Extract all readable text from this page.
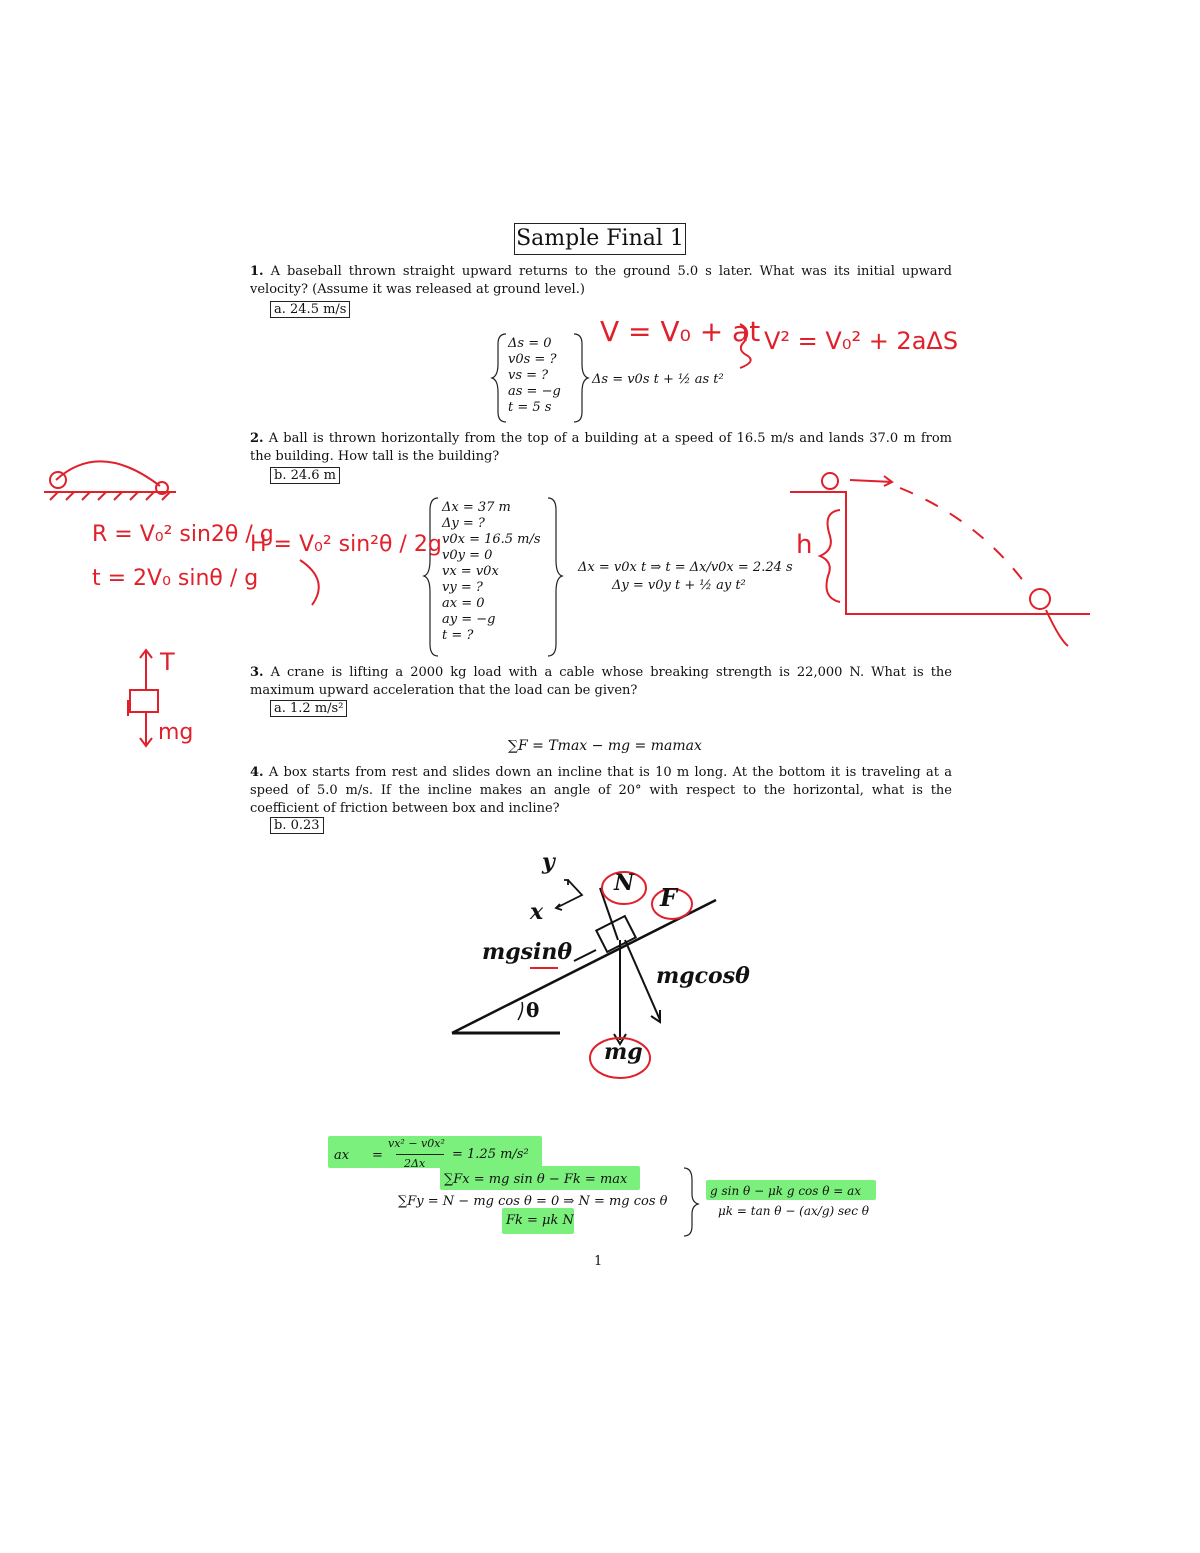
Sample Final 1
1. A baseball thrown straight upward returns to the ground 5.0 s later. What was its initial upward velocity? (Assume it was released at ground level.)
a. 24.5 m/s
Δs = 0
v0s = ?
vs = ?
as = −g
t = 5 s
Δs = v0s t + ½ as t²
2. A ball is thrown horizontally from the top of a building at a speed of 16.5 m/s and lands 37.0 m from the building. How tall is the building?
b. 24.6 m
Δx = 37 m
Δy = ?
v0x = 16.5 m/s
v0y = 0
vx = v0x
vy = ?
ax = 0
ay = −g
t = ?
Δx = v0x t ⇒ t = Δx/v0x = 2.24 s
Δy = v0y t + ½ ay t²
3. A crane is lifting a 2000 kg load with a cable whose breaking strength is 22,000 N. What is the maximum upward acceleration that the load can be given?
a. 1.2 m/s²
∑F = Tmax − mg = mamax
4. A box starts from rest and slides down an incline that is 10 m long. At the bottom it is traveling at a speed of 5.0 m/s. If the incline makes an angle of 20° with respect to the horizontal, what is the coefficient of friction between box and incline?
b. 0.23
y
x
N F
mgsinθ
mgcosθ
θ
mg
ax =
vx² − v0x²
2Δx
= 1.25 m/s²
∑Fx = mg sin θ − Fk = max
∑Fy = N − mg cos θ = 0 ⇒ N = mg cos θ
Fk = μk N
g sin θ − μk g cos θ = ax
μk = tan θ − (ax/g) sec θ
1
V = V₀ + at V² = V₀² + 2aΔS
R = V₀² sin2θ / g
t = 2V₀ sinθ / g
H = V₀² sin²θ / 2g	h
T
mg
